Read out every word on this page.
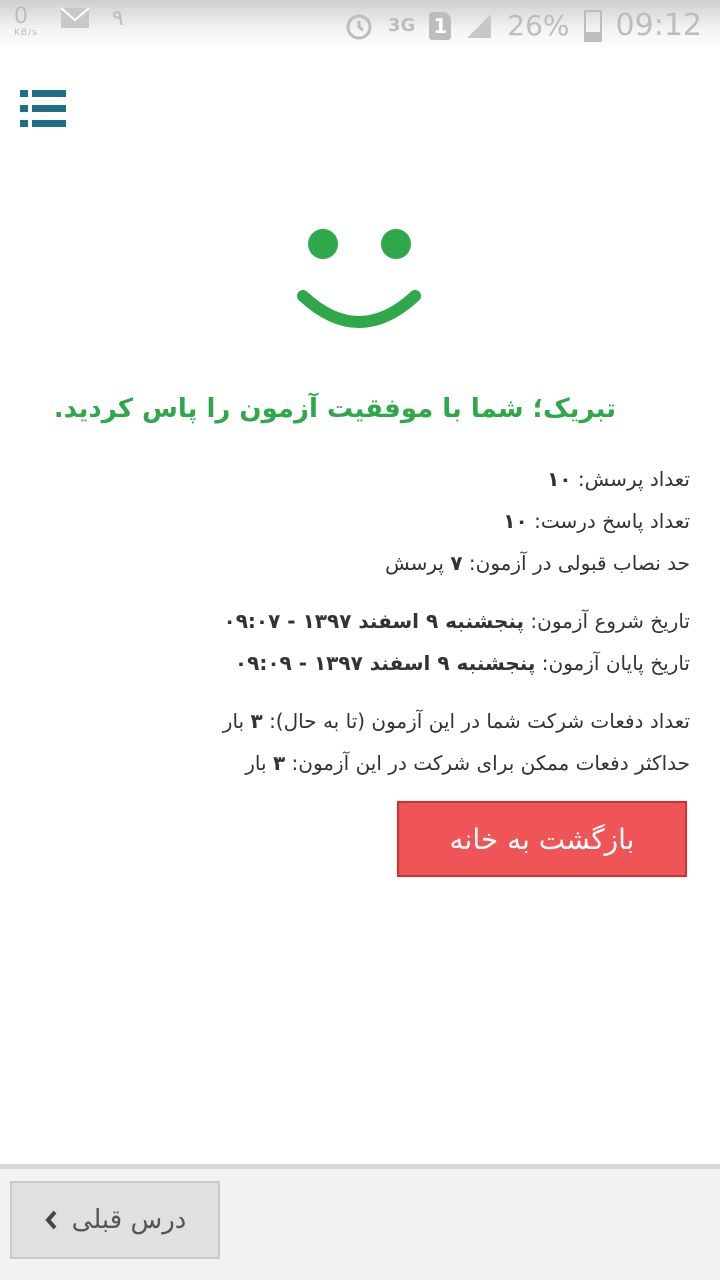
0
KB/s
۹	3G 1 26% 09:12
تبریک؛ شما با موفقیت آزمون را پاس کردید.
تعداد پرسش: ۱۰
تعداد پاسخ درست: ۱۰
حد نصاب قبولی در آزمون: ۷ پرسش
تاریخ شروع آزمون: پنجشنبه ۹ اسفند ۱۳۹۷ - ۰۹:۰۷
تاریخ پایان آزمون: پنجشنبه ۹ اسفند ۱۳۹۷ - ۰۹:۰۹
تعداد دفعات شرکت شما در این آزمون (تا به حال): ۳ بار
حداکثر دفعات ممکن برای شرکت در این آزمون: ۳ بار
بازگشت به خانه
درس قبلی
